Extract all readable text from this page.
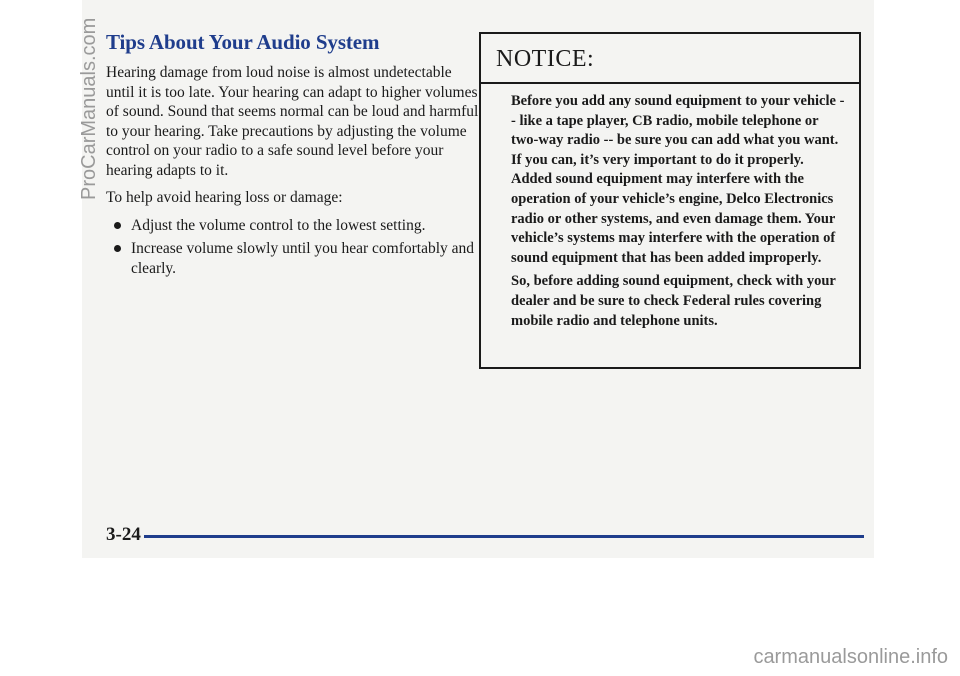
Tips About Your Audio System

Hearing damage from loud noise is almost undetectable until it is too late. Your hearing can adapt to higher volumes of sound. Sound that seems normal can be loud and harmful to your hearing. Take precautions by adjusting the volume control on your radio to a safe sound level before your hearing adapts to it.

To help avoid hearing loss or damage:

Adjust the volume control to the lowest setting.
Increase volume slowly until you hear comfortably and clearly.
NOTICE:

Before you add any sound equipment to your vehicle -- like a tape player, CB radio, mobile telephone or two-way radio -- be sure you can add what you want. If you can, it’s very important to do it properly. Added sound equipment may interfere with the operation of your vehicle’s engine, Delco Electronics radio or other systems, and even damage them. Your vehicle’s systems may interfere with the operation of sound equipment that has been added improperly.

So, before adding sound equipment, check with your dealer and be sure to check Federal rules covering mobile radio and telephone units.

3-24
ProCarManuals.com
carmanualsonline.info
